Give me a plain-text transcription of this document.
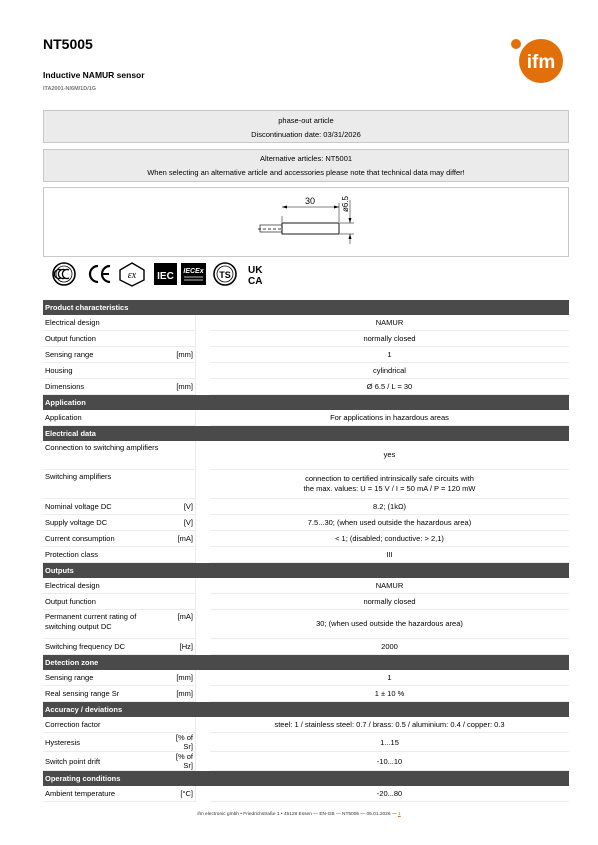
NT5005
Inductive NAMUR sensor
ITA2001-N/6M/1D/1G
ifm
phase-out article
Discontinuation date: 03/31/2026
Alternative articles: NT5001
When selecting an alternative article and accessories please note that technical data may differ!
30	ø6.5
εx IEC IECEx TS UK
CA
Product characteristics			
Electrical design			NAMUR
Output function			normally closed
Sensing range	[mm]		1
Housing			cylindrical
Dimensions	[mm]		Ø 6.5 / L = 30
Application			
Application			For applications in hazardous areas
Electrical data			
Connection to switching amplifiers			yes
Switching amplifiers			connection to certified intrinsically safe circuits with
the max. values: U = 15 V / I = 50 mA / P = 120 mW

Nominal voltage DC	[V]		8.2; (1kΩ)
Supply voltage DC	[V]		7.5...30; (when used outside the hazardous area)
Current consumption	[mA]		< 1; (disabled; conductive: > 2,1)
Protection class			III
Outputs			
Electrical design			NAMUR
Output function			normally closed
Permanent current rating of switching output DC	[mA]		30; (when used outside the hazardous area)
Switching frequency DC	[Hz]		2000
Detection zone			
Sensing range	[mm]		1
Real sensing range Sr	[mm]		1 ± 10 %
Accuracy / deviations			
Correction factor			steel: 1 / stainless steel: 0.7 / brass: 0.5 / aluminium: 0.4 / copper: 0.3
Hysteresis	[% of Sr]		1...15
Switch point drift	[% of Sr]		-10...10
Operating conditions			
Ambient temperature	[°C]		-20...80
ifm electronic gmbh • Friedrichstraße 1 • 45128 Essen — EN-GB — NT5005 — 05.01.2026 — 1
